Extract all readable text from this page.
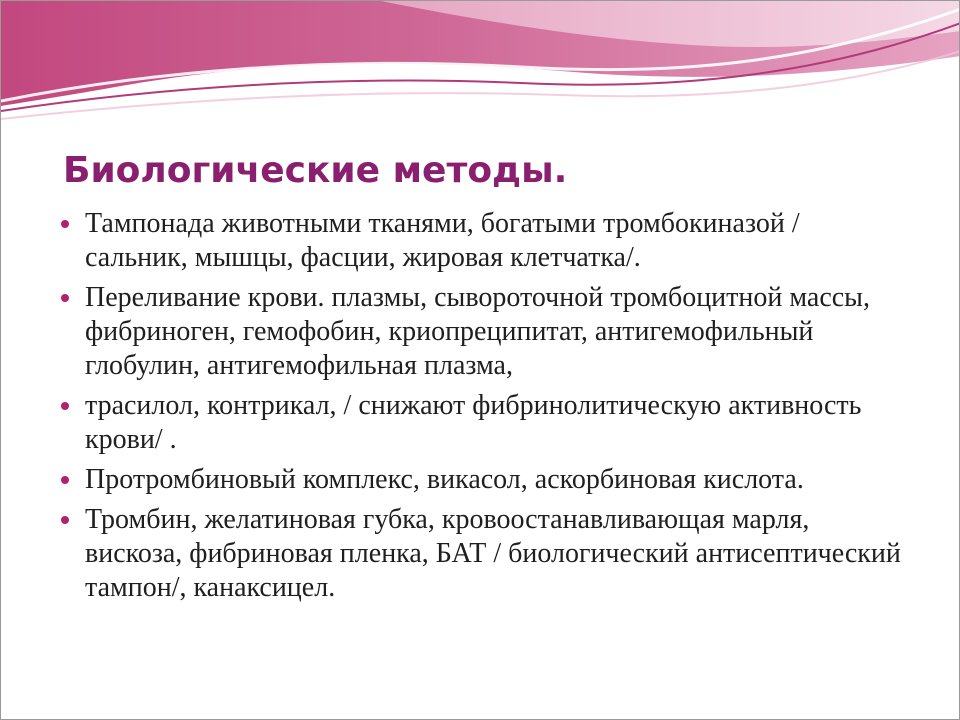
Биологические методы.
Тампонада животными тканями, богатыми тромбокиназой /сальник, мышцы, фасции, жировая клетчатка/.
Переливание крови. плазмы, сывороточной тромбоцитной массы, фибриноген, гемофобин, криопреципитат, антигемофильный глобулин, антигемофильная плазма,
трасилол, контрикал, / снижают фибринолитическую активность крови/ .
Протромбиновый комплекс, викасол, аскорбиновая кислота.
Тромбин, желатиновая губка, кровоостанавливающая марля, вискоза, фибриновая пленка, БАТ / биологический антисептический тампон/, канаксицел.
